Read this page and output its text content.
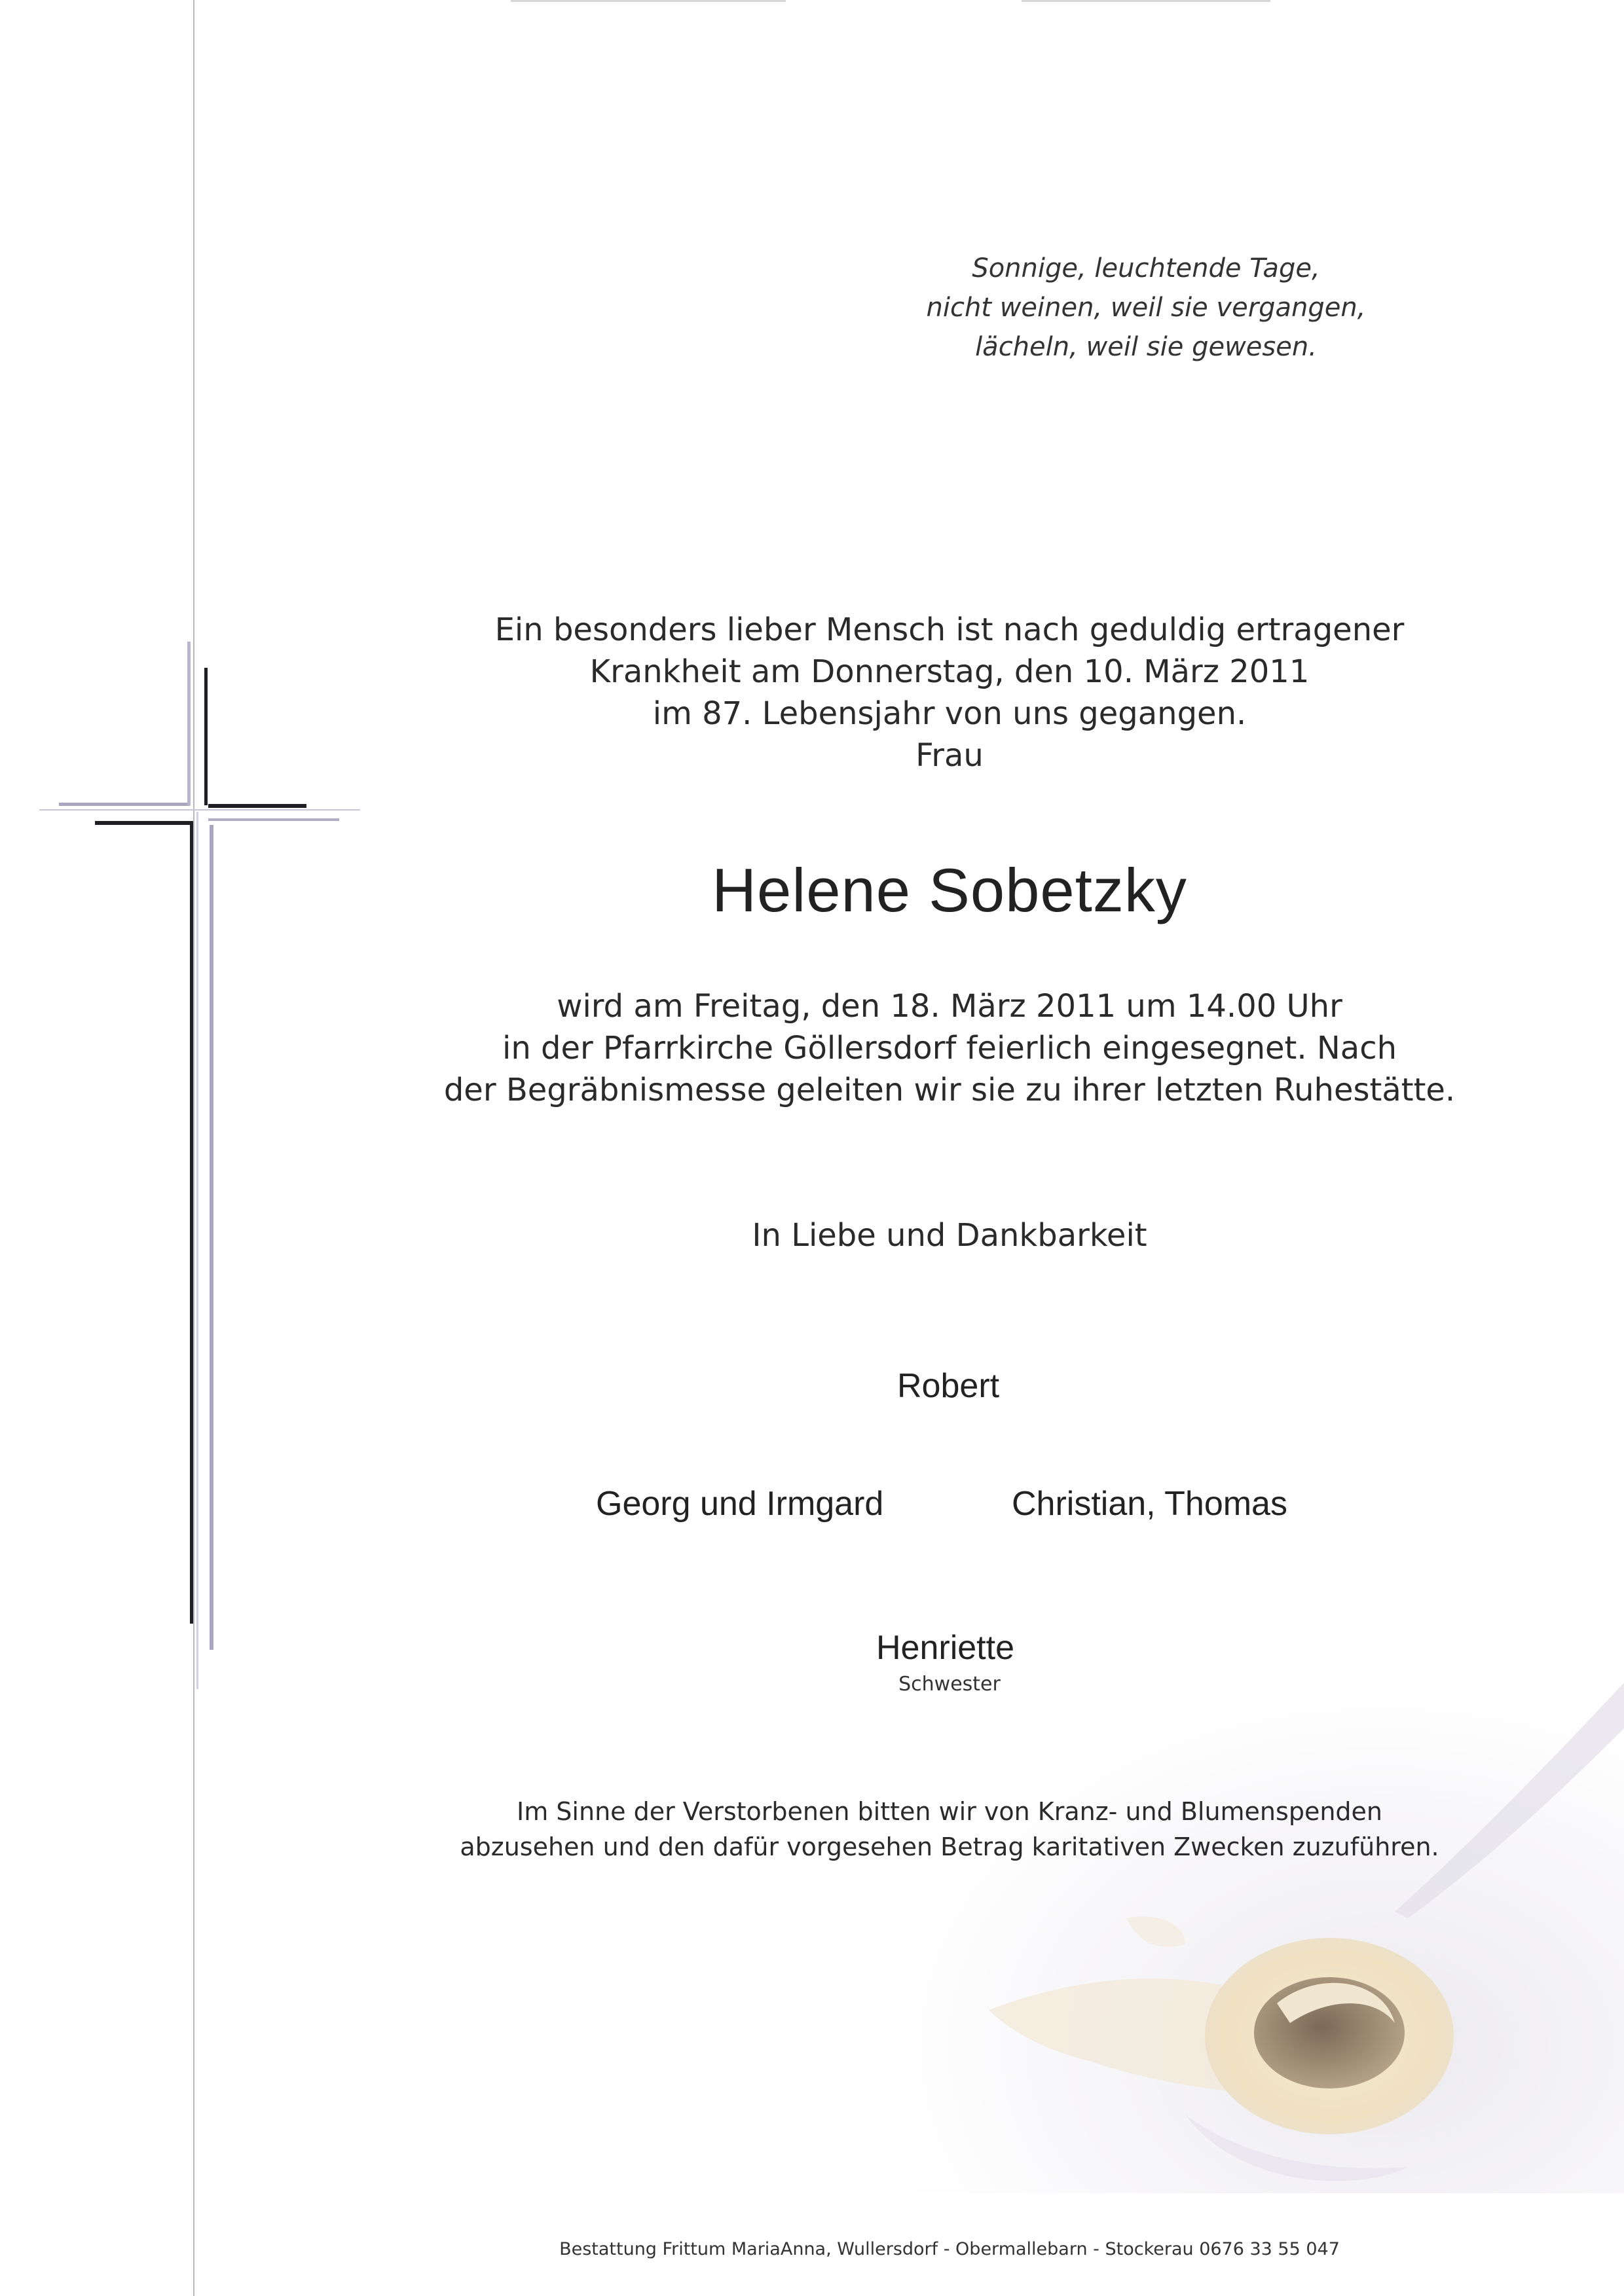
Sonnige, leuchtende Tage,
nicht weinen, weil sie vergangen,
lächeln, weil sie gewesen.
Ein besonders lieber Mensch ist nach geduldig ertragener
Krankheit am Donnerstag, den 10. März 2011
im 87. Lebensjahr von uns gegangen.
Frau
Helene Sobetzky
wird am Freitag, den 18. März 2011 um 14.00 Uhr
in der Pfarrkirche Göllersdorf feierlich eingesegnet. Nach
der Begräbnismesse geleiten wir sie zu ihrer letzten Ruhestätte.
In Liebe und Dankbarkeit
Robert
Georg und Irmgard	Christian, Thomas
Im Sinne der Verstorbenen bitten wir von Kranz- und Blumenspenden
abzusehen und den dafür vorgesehen Betrag karitativen Zwecken zuzuführen.
Bestattung Frittum MariaAnna, Wullersdorf - Obermallebarn - Stockerau 0676 33 55 047
